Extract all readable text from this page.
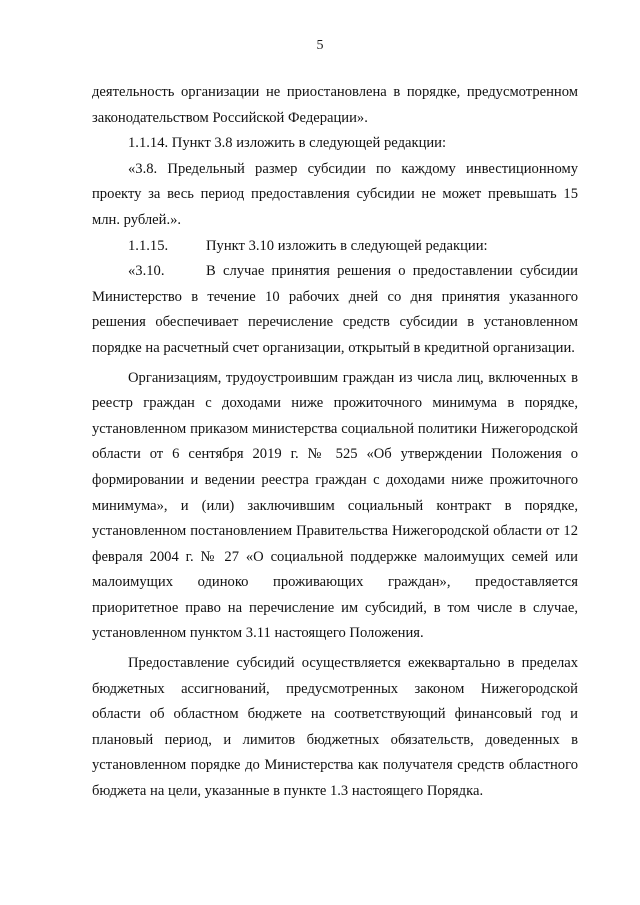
5

деятельность организации не приостановлена в порядке, предусмотренном законодательством Российской Федерации».

1.1.14. Пункт 3.8 изложить в следующей редакции:

«3.8. Предельный размер субсидии по каждому инвестиционному проекту за весь период предоставления субсидии не может превышать 15 млн. рублей.».

1.1.15.	Пункт 3.10 изложить в следующей редакции:

«3.10.	В случае принятия решения о предоставлении субсидии Министерство в течение 10 рабочих дней со дня принятия указанного решения обеспечивает перечисление средств субсидии в установленном порядке на расчетный счет организации, открытый в кредитной организации.

Организациям, трудоустроившим граждан из числа лиц, включенных в реестр граждан с доходами ниже прожиточного минимума в порядке, установленном приказом министерства социальной политики Нижегородской области от 6 сентября 2019 г. № 525 «Об утверждении Положения о формировании и ведении реестра граждан с доходами ниже прожиточного минимума», и (или) заключившим социальный контракт в порядке, установленном постановлением Правительства Нижегородской области от 12 февраля 2004 г. № 27 «О социальной поддержке малоимущих семей или малоимущих одиноко проживающих граждан», предоставляется приоритетное право на перечисление им субсидий, в том числе в случае, установленном пунктом 3.11 настоящего Положения.

Предоставление субсидий осуществляется ежеквартально в пределах бюджетных ассигнований, предусмотренных законом Нижегородской области об областном бюджете на соответствующий финансовый год и плановый период, и лимитов бюджетных обязательств, доведенных в установленном порядке до Министерства как получателя средств областного бюджета на цели, указанные в пункте 1.3 настоящего Порядка.
